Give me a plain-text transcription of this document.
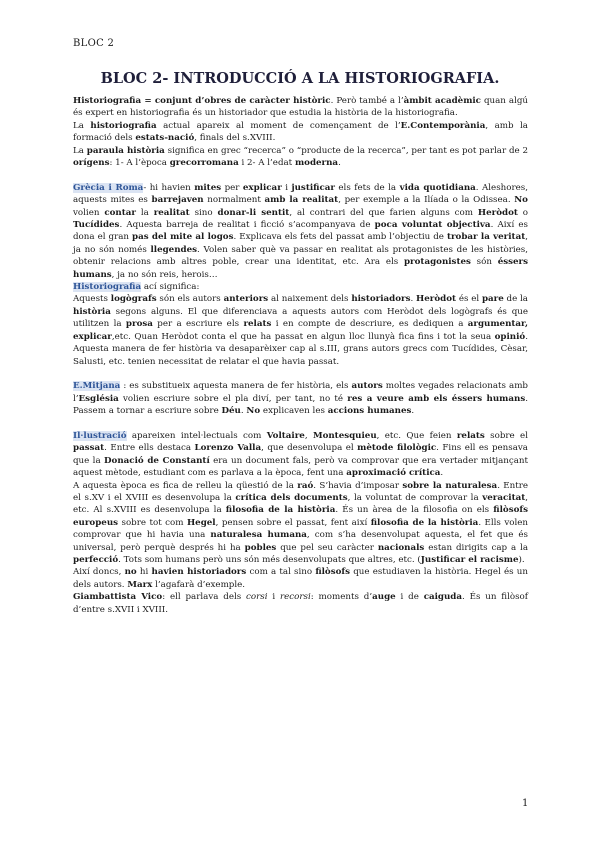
BLOC 2
BLOC 2- INTRODUCCIÓ A LA HISTORIOGRAFIA.

Historiografia = conjunt d’obres de caràcter històric. Però també a l’àmbit acadèmic quan algú és expert en historiografia és un historiador que estudia la història de la historiografia.

La historiografia actual apareix al moment de començament de l’E.Contemporània, amb la formació dels estats-nació, finals del s.XVIII.

La paraula història significa en grec “recerca” o “producte de la recerca”, per tant es pot parlar de 2 orígens: 1- A l’època grecorromana i 2- A l’edat moderna.

Grècia i Roma- hi havien mites per explicar i justificar els fets de la vida quotidiana. Aleshores, aquests mites es barrejaven normalment amb la realitat, per exemple a la Ilíada o la Odissea. No volien contar la realitat sino donar-li sentit, al contrari del que farien alguns com Heròdot o Tucídides. Aquesta barreja de realitat i ficció s’acompanyava de poca voluntat objectiva. Així es dona el gran pas del mite al logos. Explicava els fets del passat amb l’objectiu de trobar la veritat, ja no són només llegendes. Volen saber què va passar en realitat als protagonistes de les històries, obtenir relacions amb altres poble, crear una identitat, etc. Ara els protagonistes són éssers humans, ja no són reis, herois…

Historiografia ací significa:

Aquests logògrafs són els autors anteriors al naixement dels historiadors. Heròdot és el pare de la història segons alguns. El que diferenciava a aquests autors com Heròdot dels logògrafs és que utilitzen la prosa per a escriure els relats i en compte de descriure, es dediquen a argumentar, explicar,etc. Quan Heròdot conta el que ha passat en algun lloc llunyà fica fins i tot la seua opinió. Aquesta manera de fer història va desaparèixer cap al s.III, grans autors grecs com Tucídides, Cèsar, Salusti, etc. tenien necessitat de relatar el que havia passat.

E.Mitjana : es substitueix aquesta manera de fer història, els autors moltes vegades relacionats amb l’Església volien escriure sobre el pla diví, per tant, no té res a veure amb els éssers humans. Passem a tornar a escriure sobre Déu. No explicaven les accions humanes.

Il·lustració apareixen intel·lectuals com Voltaire, Montesquieu, etc. Que feien relats sobre el passat. Entre ells destaca Lorenzo Valla, que desenvolupa el mètode filològic. Fins ell es pensava que la Donació de Constantí era un document fals, però va comprovar que era vertader mitjançant aquest mètode, estudiant com es parlava a la època, fent una aproximació crítica.

A aquesta època es fica de relleu la qüestió de la raó. S’havia d’imposar sobre la naturalesa. Entre el s.XV i el XVIII es desenvolupa la crítica dels documents, la voluntat de comprovar la veracitat, etc. Al s.XVIII es desenvolupa la filosofia de la història. És un àrea de la filosofia on els filòsofs europeus sobre tot com Hegel, pensen sobre el passat, fent així filosofia de la història. Ells volen comprovar que hi havia una naturalesa humana, com s’ha desenvolupat aquesta, el fet que és universal, però perquè després hi ha pobles que pel seu caràcter nacionals estan dirigits cap a la perfecció. Tots som humans però uns són més desenvolupats que altres, etc. (Justificar el racisme).

Així doncs, no hi havien historiadors com a tal sino filòsofs que estudiaven la història. Hegel és un dels autors. Marx l’agafarà d’exemple.

Giambattista Vico: ell parlava dels corsi i recorsi: moments d’auge i de caiguda. És un filòsof d’entre s.XVII i XVIII.

1
